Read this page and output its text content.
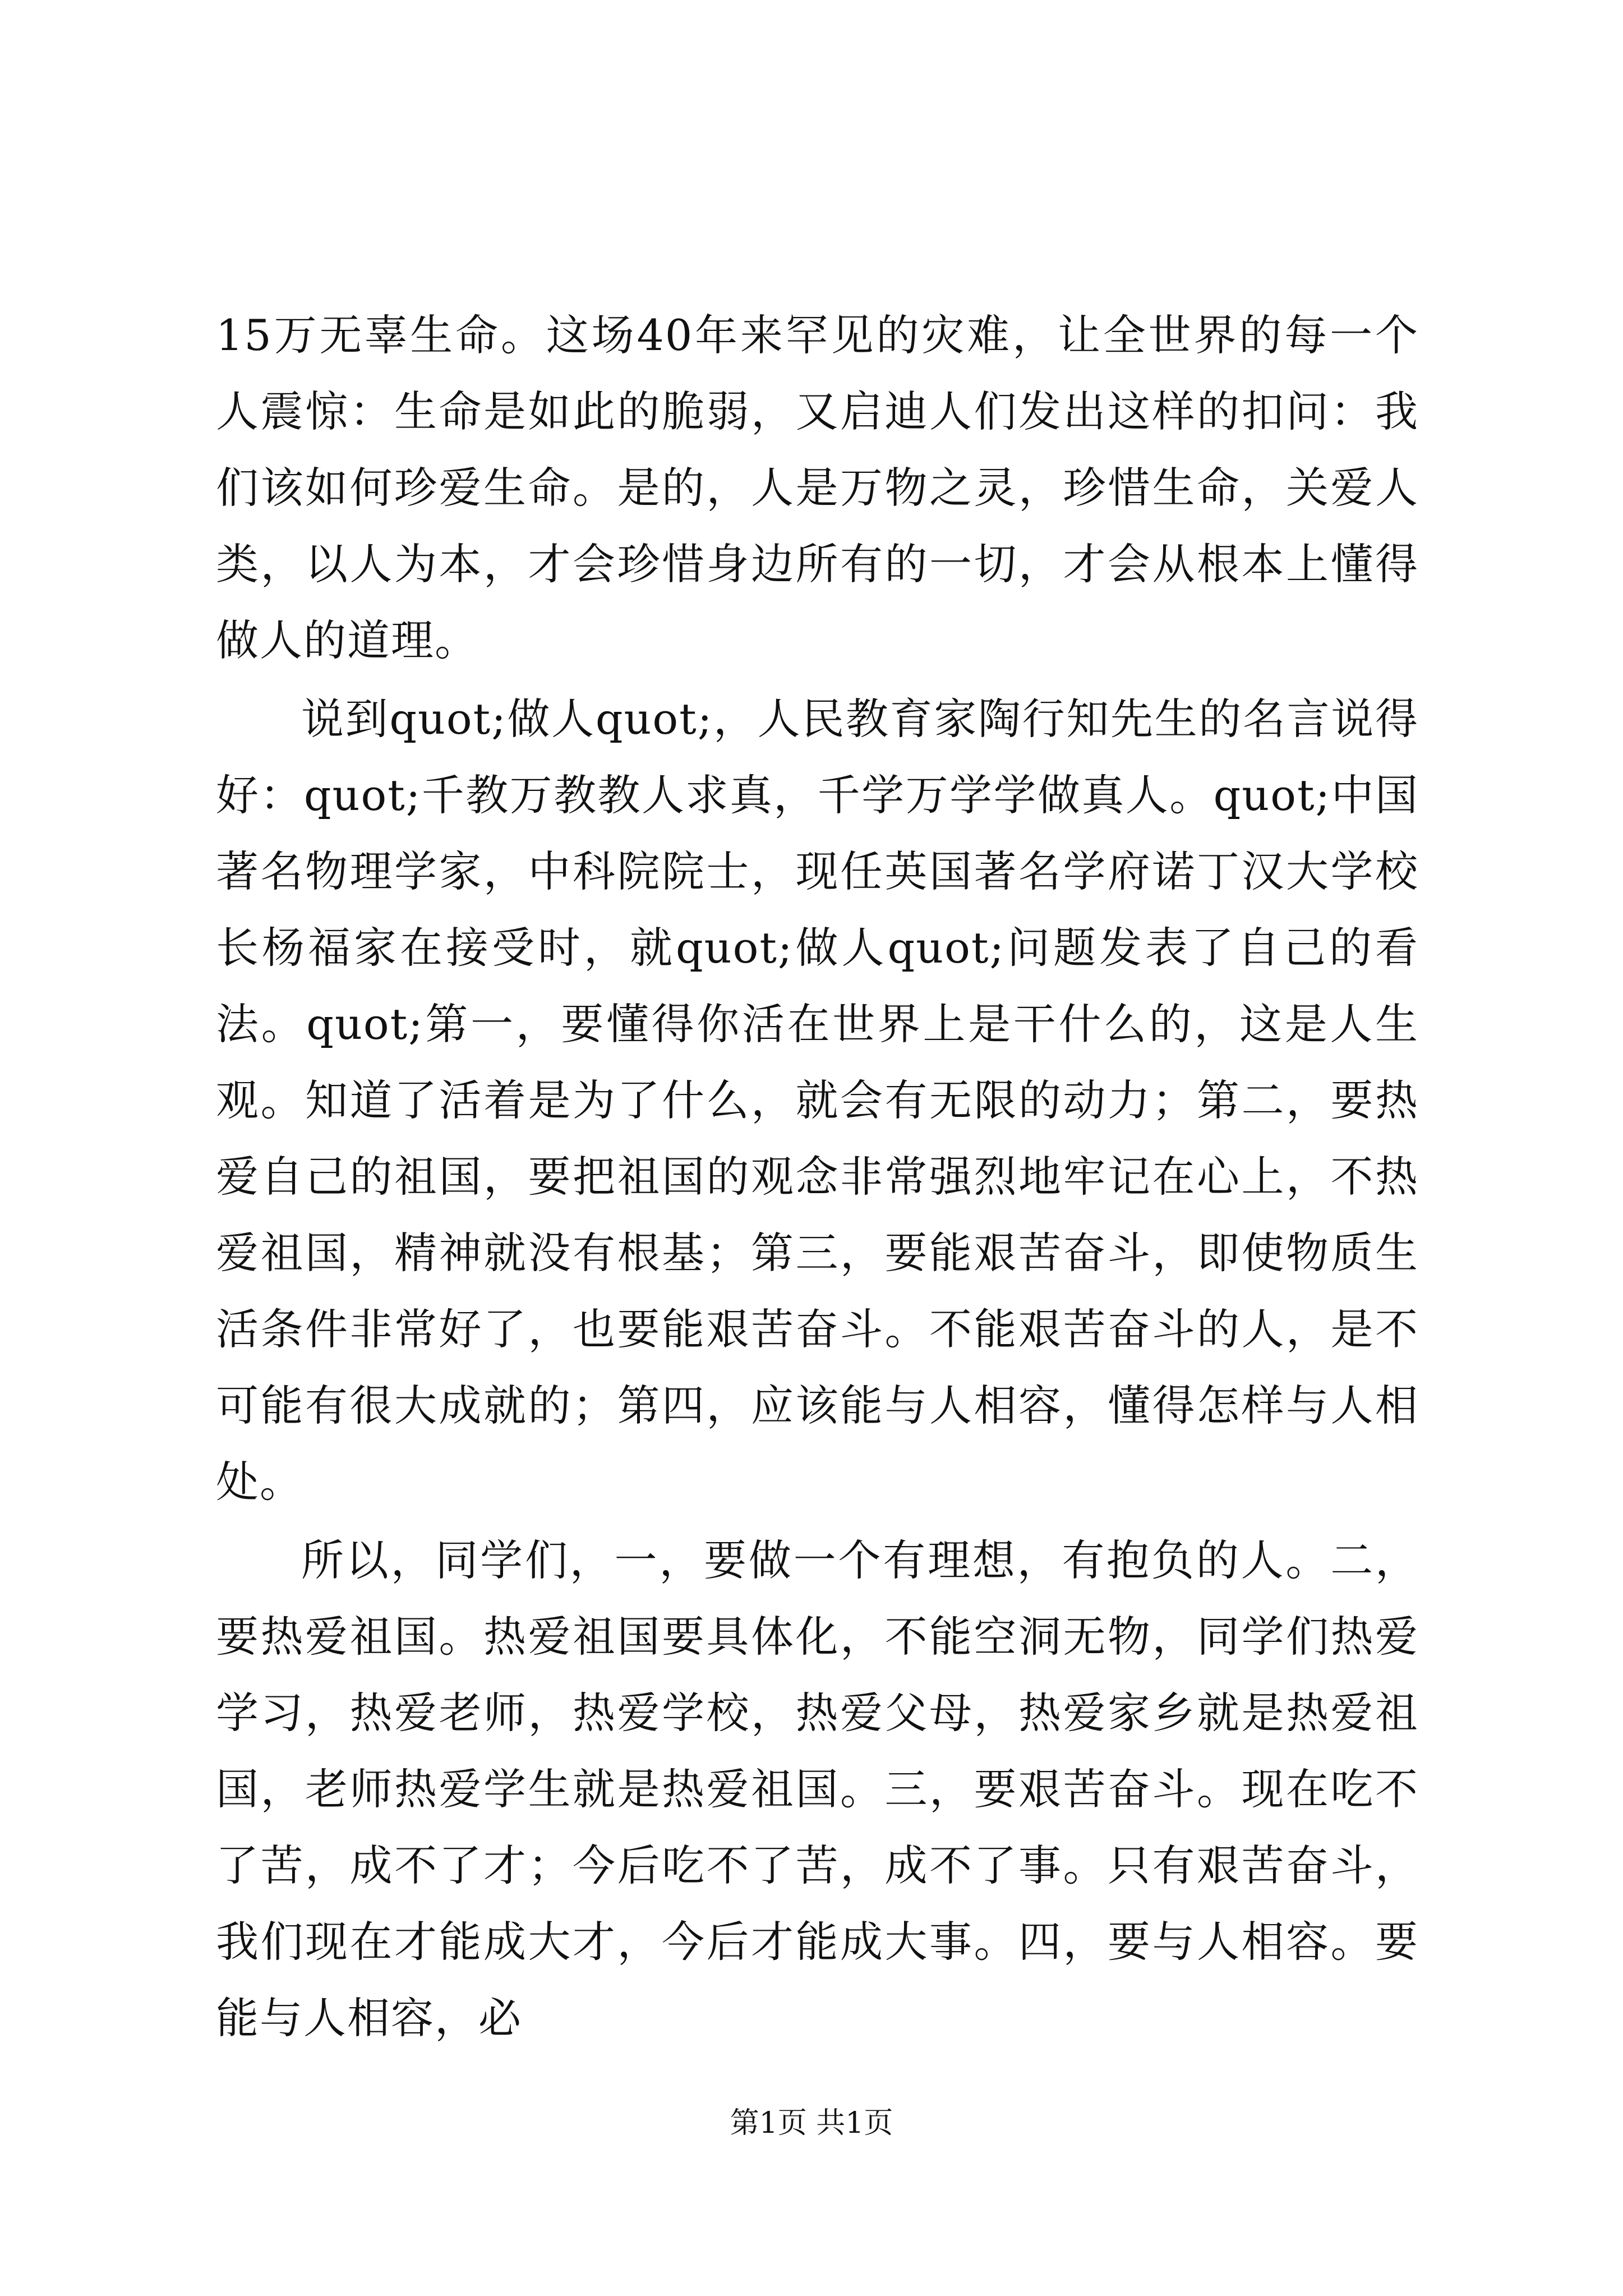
15万无辜生命。这场40年来罕见的灾难，让全世界的每一个人震惊：生命是如此的脆弱，又启迪人们发出这样的扣问：我们该如何珍爱生命。是的，人是万物之灵，珍惜生命，关爱人类，以人为本，才会珍惜身边所有的一切，才会从根本上懂得做人的道理。

说到quot;做人quot;，人民教育家陶行知先生的名言说得好：quot;千教万教教人求真，千学万学学做真人。quot;中国著名物理学家，中科院院士，现任英国著名学府诺丁汉大学校长杨福家在接受时，就quot;做人quot;问题发表了自己的看法。quot;第一，要懂得你活在世界上是干什么的，这是人生观。知道了活着是为了什么，就会有无限的动力；第二，要热爱自己的祖国，要把祖国的观念非常强烈地牢记在心上，不热爱祖国，精神就没有根基；第三，要能艰苦奋斗，即使物质生活条件非常好了，也要能艰苦奋斗。不能艰苦奋斗的人，是不可能有很大成就的；第四，应该能与人相容，懂得怎样与人相处。

所以，同学们，一，要做一个有理想，有抱负的人。二，要热爱祖国。热爱祖国要具体化，不能空洞无物，同学们热爱学习，热爱老师，热爱学校，热爱父母，热爱家乡就是热爱祖国，老师热爱学生就是热爱祖国。三，要艰苦奋斗。现在吃不了苦，成不了才；今后吃不了苦，成不了事。只有艰苦奋斗，我们现在才能成大才，今后才能成大事。四，要与人相容。要能与人相容，必

第1页 共1页
